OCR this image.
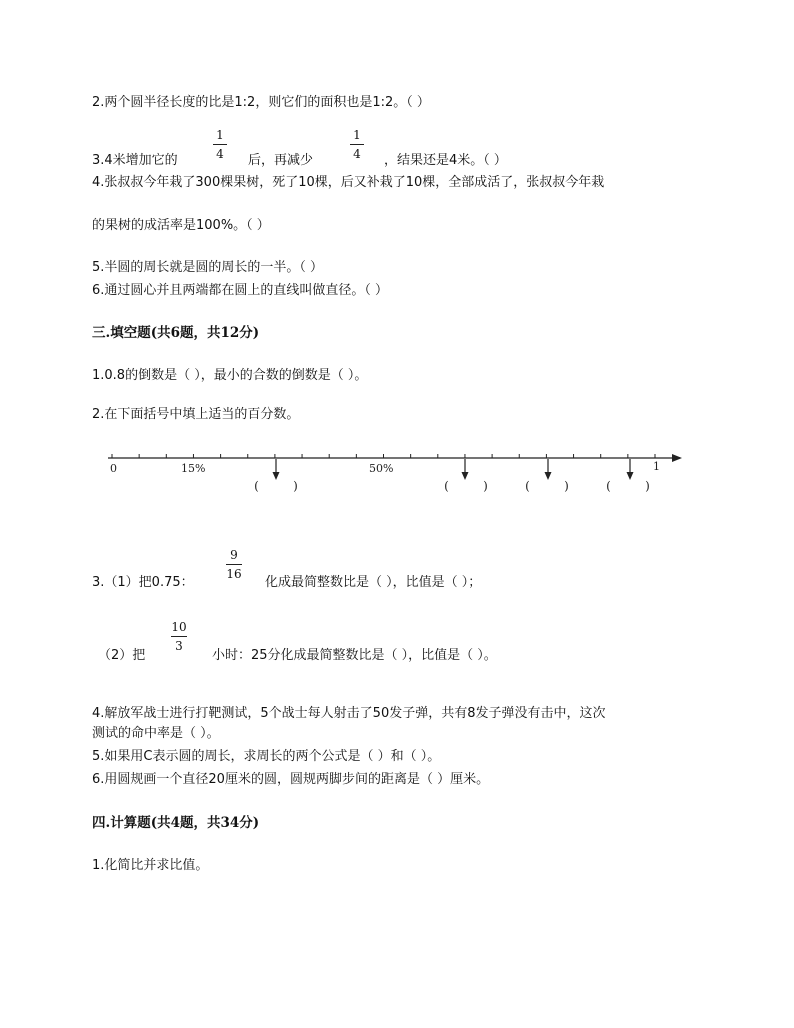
2.两个圆半径长度的比是1:2，则它们的面积也是1:2。（ ）
3.4米增加它的
1
4 后，再减少
1
4 ，结果还是4米。（ ）
4.张叔叔今年栽了300棵果树，死了10棵，后又补栽了10棵，全部成活了，张叔叔今年栽
的果树的成活率是100%。（ ）
5.半圆的周长就是圆的周长的一半。（ ）
6.通过圆心并且两端都在圆上的直线叫做直径。（ ）
三.填空题(共6题，共12分)
1.0.8的倒数是（ ），最小的合数的倒数是（ ）。
2.在下面括号中填上适当的百分数。
0	15%	50%	1
(         )	(         )	(         )	(         )
3.（1）把0.75：
9
16
化成最简整数比是（ ），比值是（ ）；
（2）把
10
3
小时：25分化成最简整数比是（ ），比值是（ ）。
4.解放军战士进行打靶测试，5个战士每人射击了50发子弹，共有8发子弹没有击中，这次
测试的命中率是（ ）。
5.如果用C表示圆的周长，求周长的两个公式是（ ）和（ ）。
6.用圆规画一个直径20厘米的圆，圆规两脚步间的距离是（ ）厘米。
四.计算题(共4题，共34分)
1.化简比并求比值。
